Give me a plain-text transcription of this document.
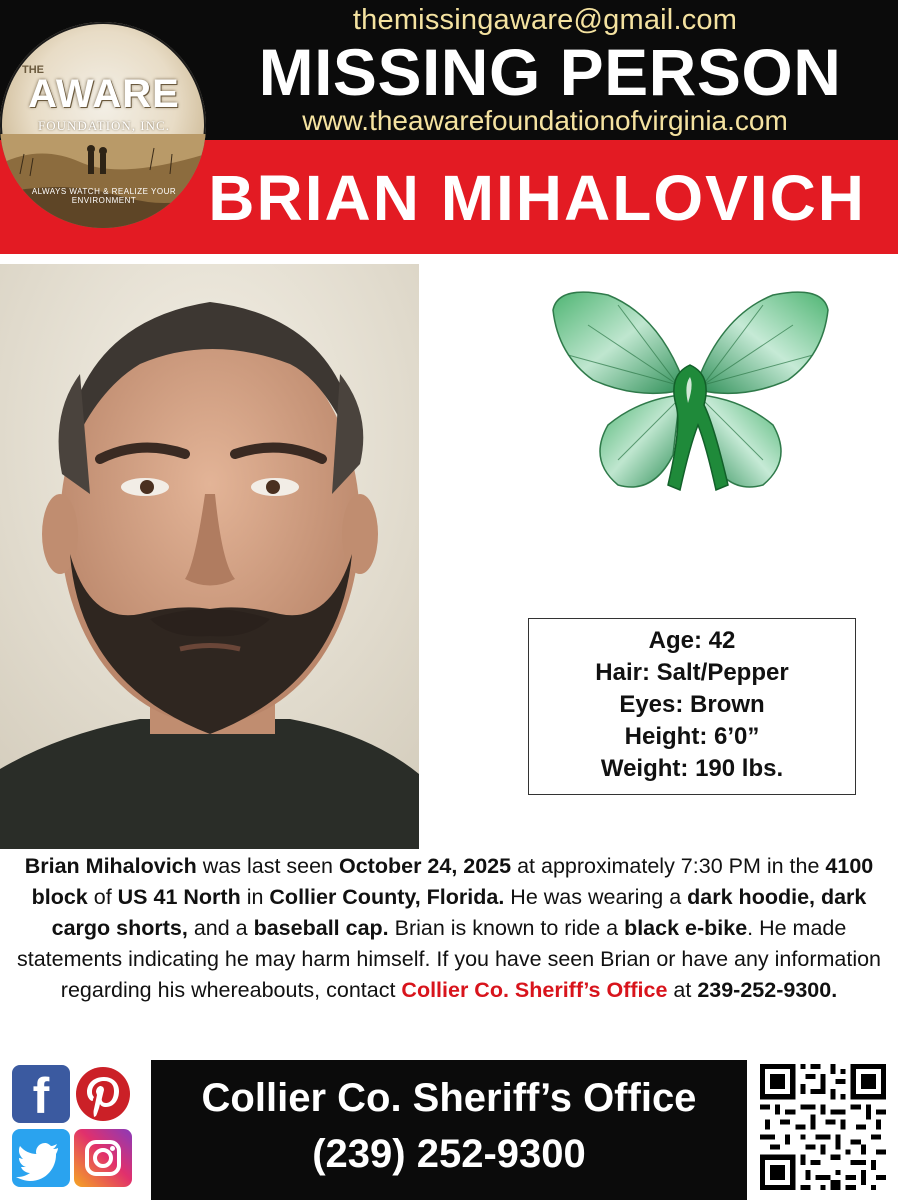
themissingaware@gmail.com
MISSING PERSON
www.theawarefoundationofvirginia.com
BRIAN MIHALOVICH
THE
AWARE
FOUNDATION, INC.
ALWAYS WATCH & REALIZE YOUR ENVIRONMENT
Age: 42
Hair: Salt/Pepper
Eyes: Brown
Height: 6’0”
Weight: 190 lbs.
Brian Mihalovich was last seen October 24, 2025 at approximately 7:30 PM in the 4100 block of US 41 North in Collier County, Florida. He was wearing a dark hoodie, dark cargo shorts, and a baseball cap. Brian is known to ride a black e-bike. He made statements indicating he may harm himself. If you have seen Brian or have any information regarding his whereabouts, contact Collier Co. Sheriff’s Office at 239-252-9300.
f	Collier Co. Sheriff’s Office
(239) 252-9300
